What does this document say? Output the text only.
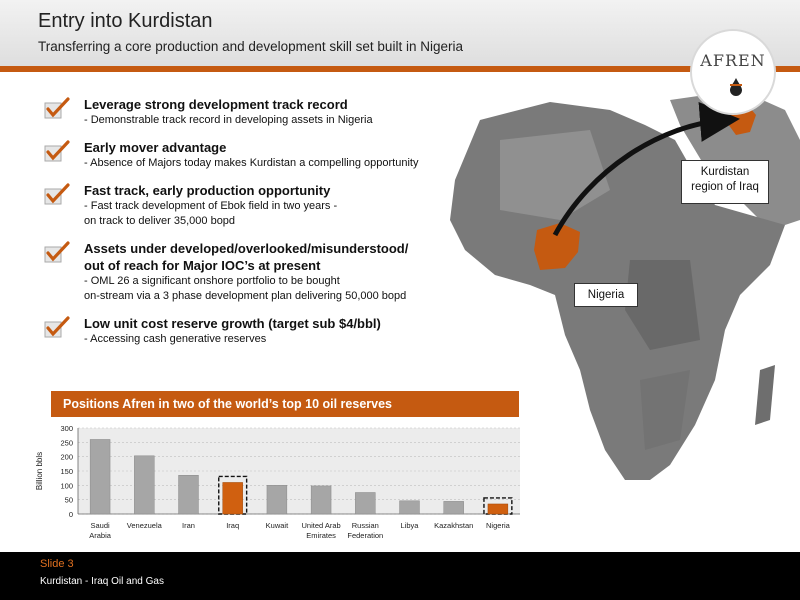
Entry into Kurdistan
Transferring a core production and development skill set built in Nigeria
Kurdistan
region of Iraq
Nigeria
AFREN
Leverage strong development track record
- Demonstrable track record in developing assets in Nigeria
Early mover advantage
- Absence of Majors today makes Kurdistan a compelling opportunity
Fast track, early production opportunity
- Fast track development of Ebok field in two years -
on track to deliver 35,000 bopd
Assets under developed/overlooked/misunderstood/
out of reach for Major IOC’s at present
- OML 26 a significant onshore portfolio to be bought
on-stream via a 3 phase development plan delivering 50,000 bopd
Low unit cost reserve growth (target sub $4/bbl)
- Accessing cash generative reserves
Positions Afren in two of the world’s top 10 oil reserves
0
50
100
150
200
250
300
Billion bbls
Saudi
Arabia
Venezuela	Iran	Iraq	Kuwait United Arab
Emirates
Russian
Federation
Libya Kazakhstan Nigeria
Slide 3
Kurdistan - Iraq Oil and Gas
